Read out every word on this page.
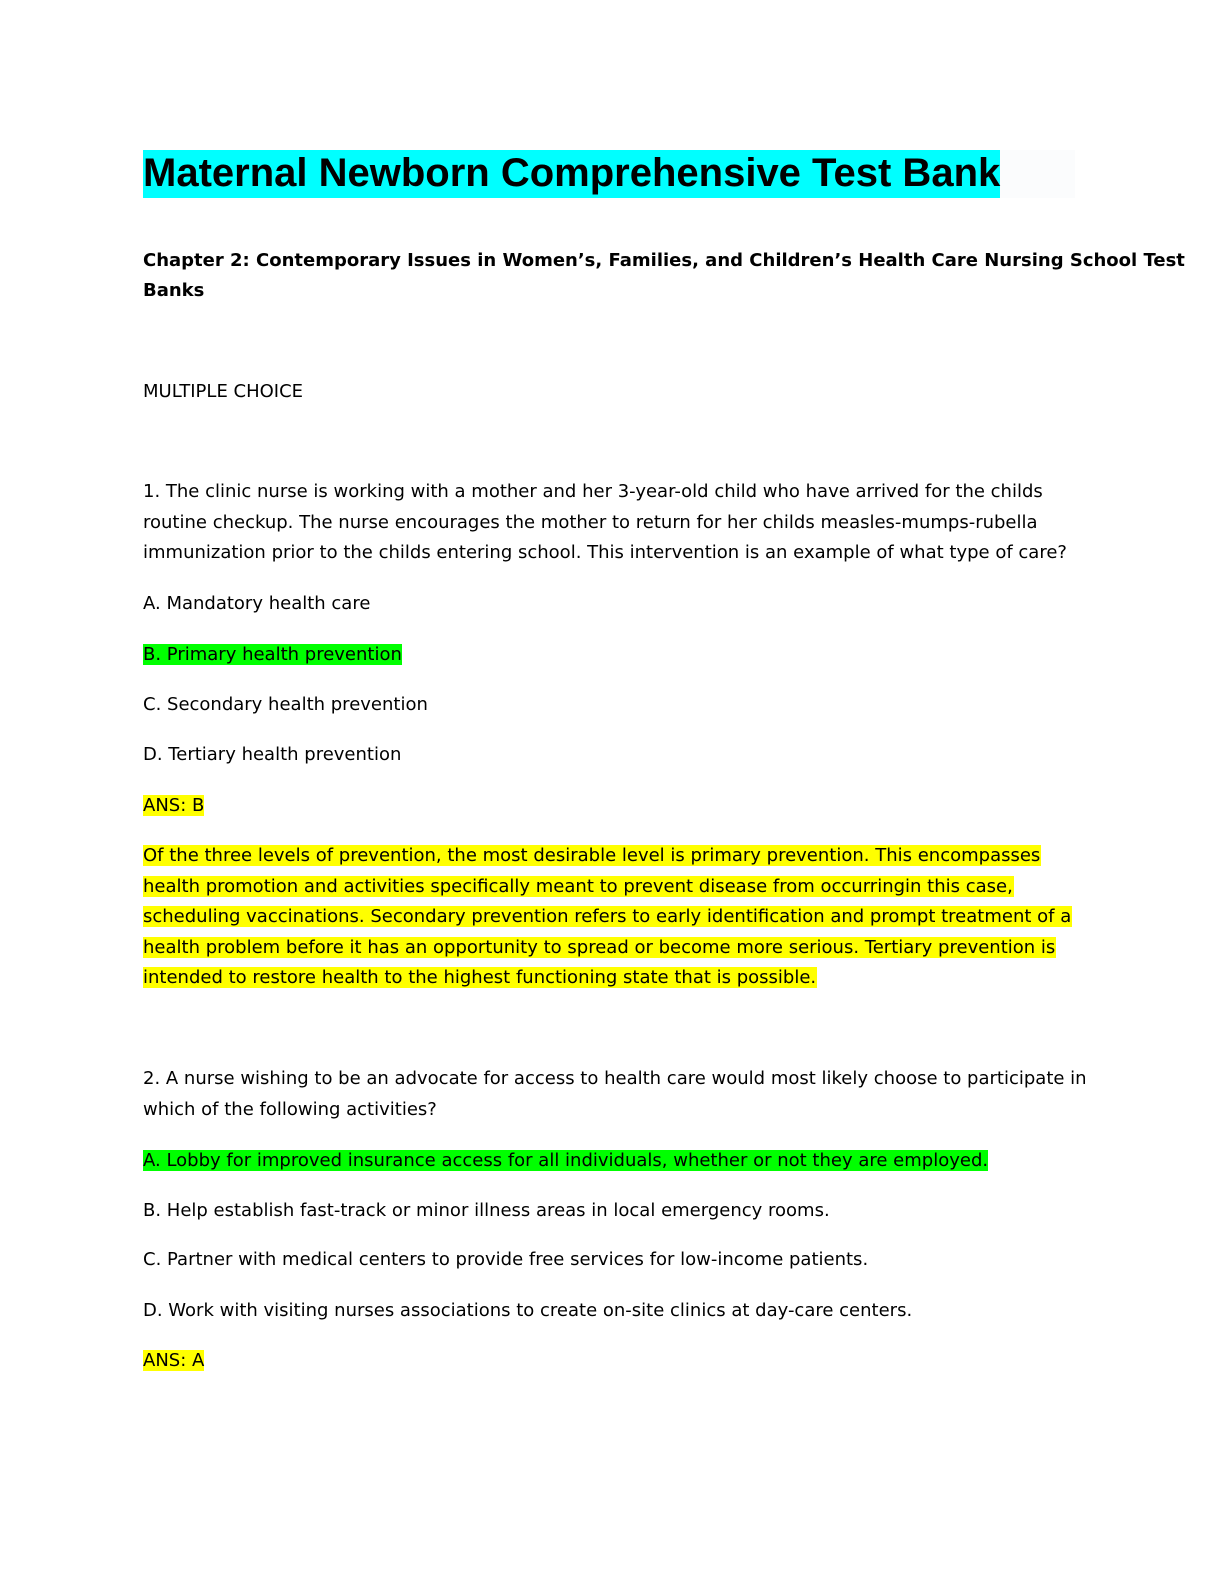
Maternal Newborn Comprehensive Test Bank
Chapter 2: Contemporary Issues in Women’s, Families, and Children’s Health Care Nursing School Test
Banks
MULTIPLE CHOICE
1. The clinic nurse is working with a mother and her 3-year-old child who have arrived for the childs
routine checkup. The nurse encourages the mother to return for her childs measles-mumps-rubella
immunization prior to the childs entering school. This intervention is an example of what type of care?
A. Mandatory health care
B. Primary health prevention
C. Secondary health prevention
D. Tertiary health prevention
ANS: B
Of the three levels of prevention, the most desirable level is primary prevention. This encompasses
health promotion and activities specifically meant to prevent disease from occurringin this case,
scheduling vaccinations. Secondary prevention refers to early identification and prompt treatment of a
health problem before it has an opportunity to spread or become more serious. Tertiary prevention is
intended to restore health to the highest functioning state that is possible.
2. A nurse wishing to be an advocate for access to health care would most likely choose to participate in
which of the following activities?
A. Lobby for improved insurance access for all individuals, whether or not they are employed.
B. Help establish fast-track or minor illness areas in local emergency rooms.
C. Partner with medical centers to provide free services for low-income patients.
D. Work with visiting nurses associations to create on-site clinics at day-care centers.
ANS: A
